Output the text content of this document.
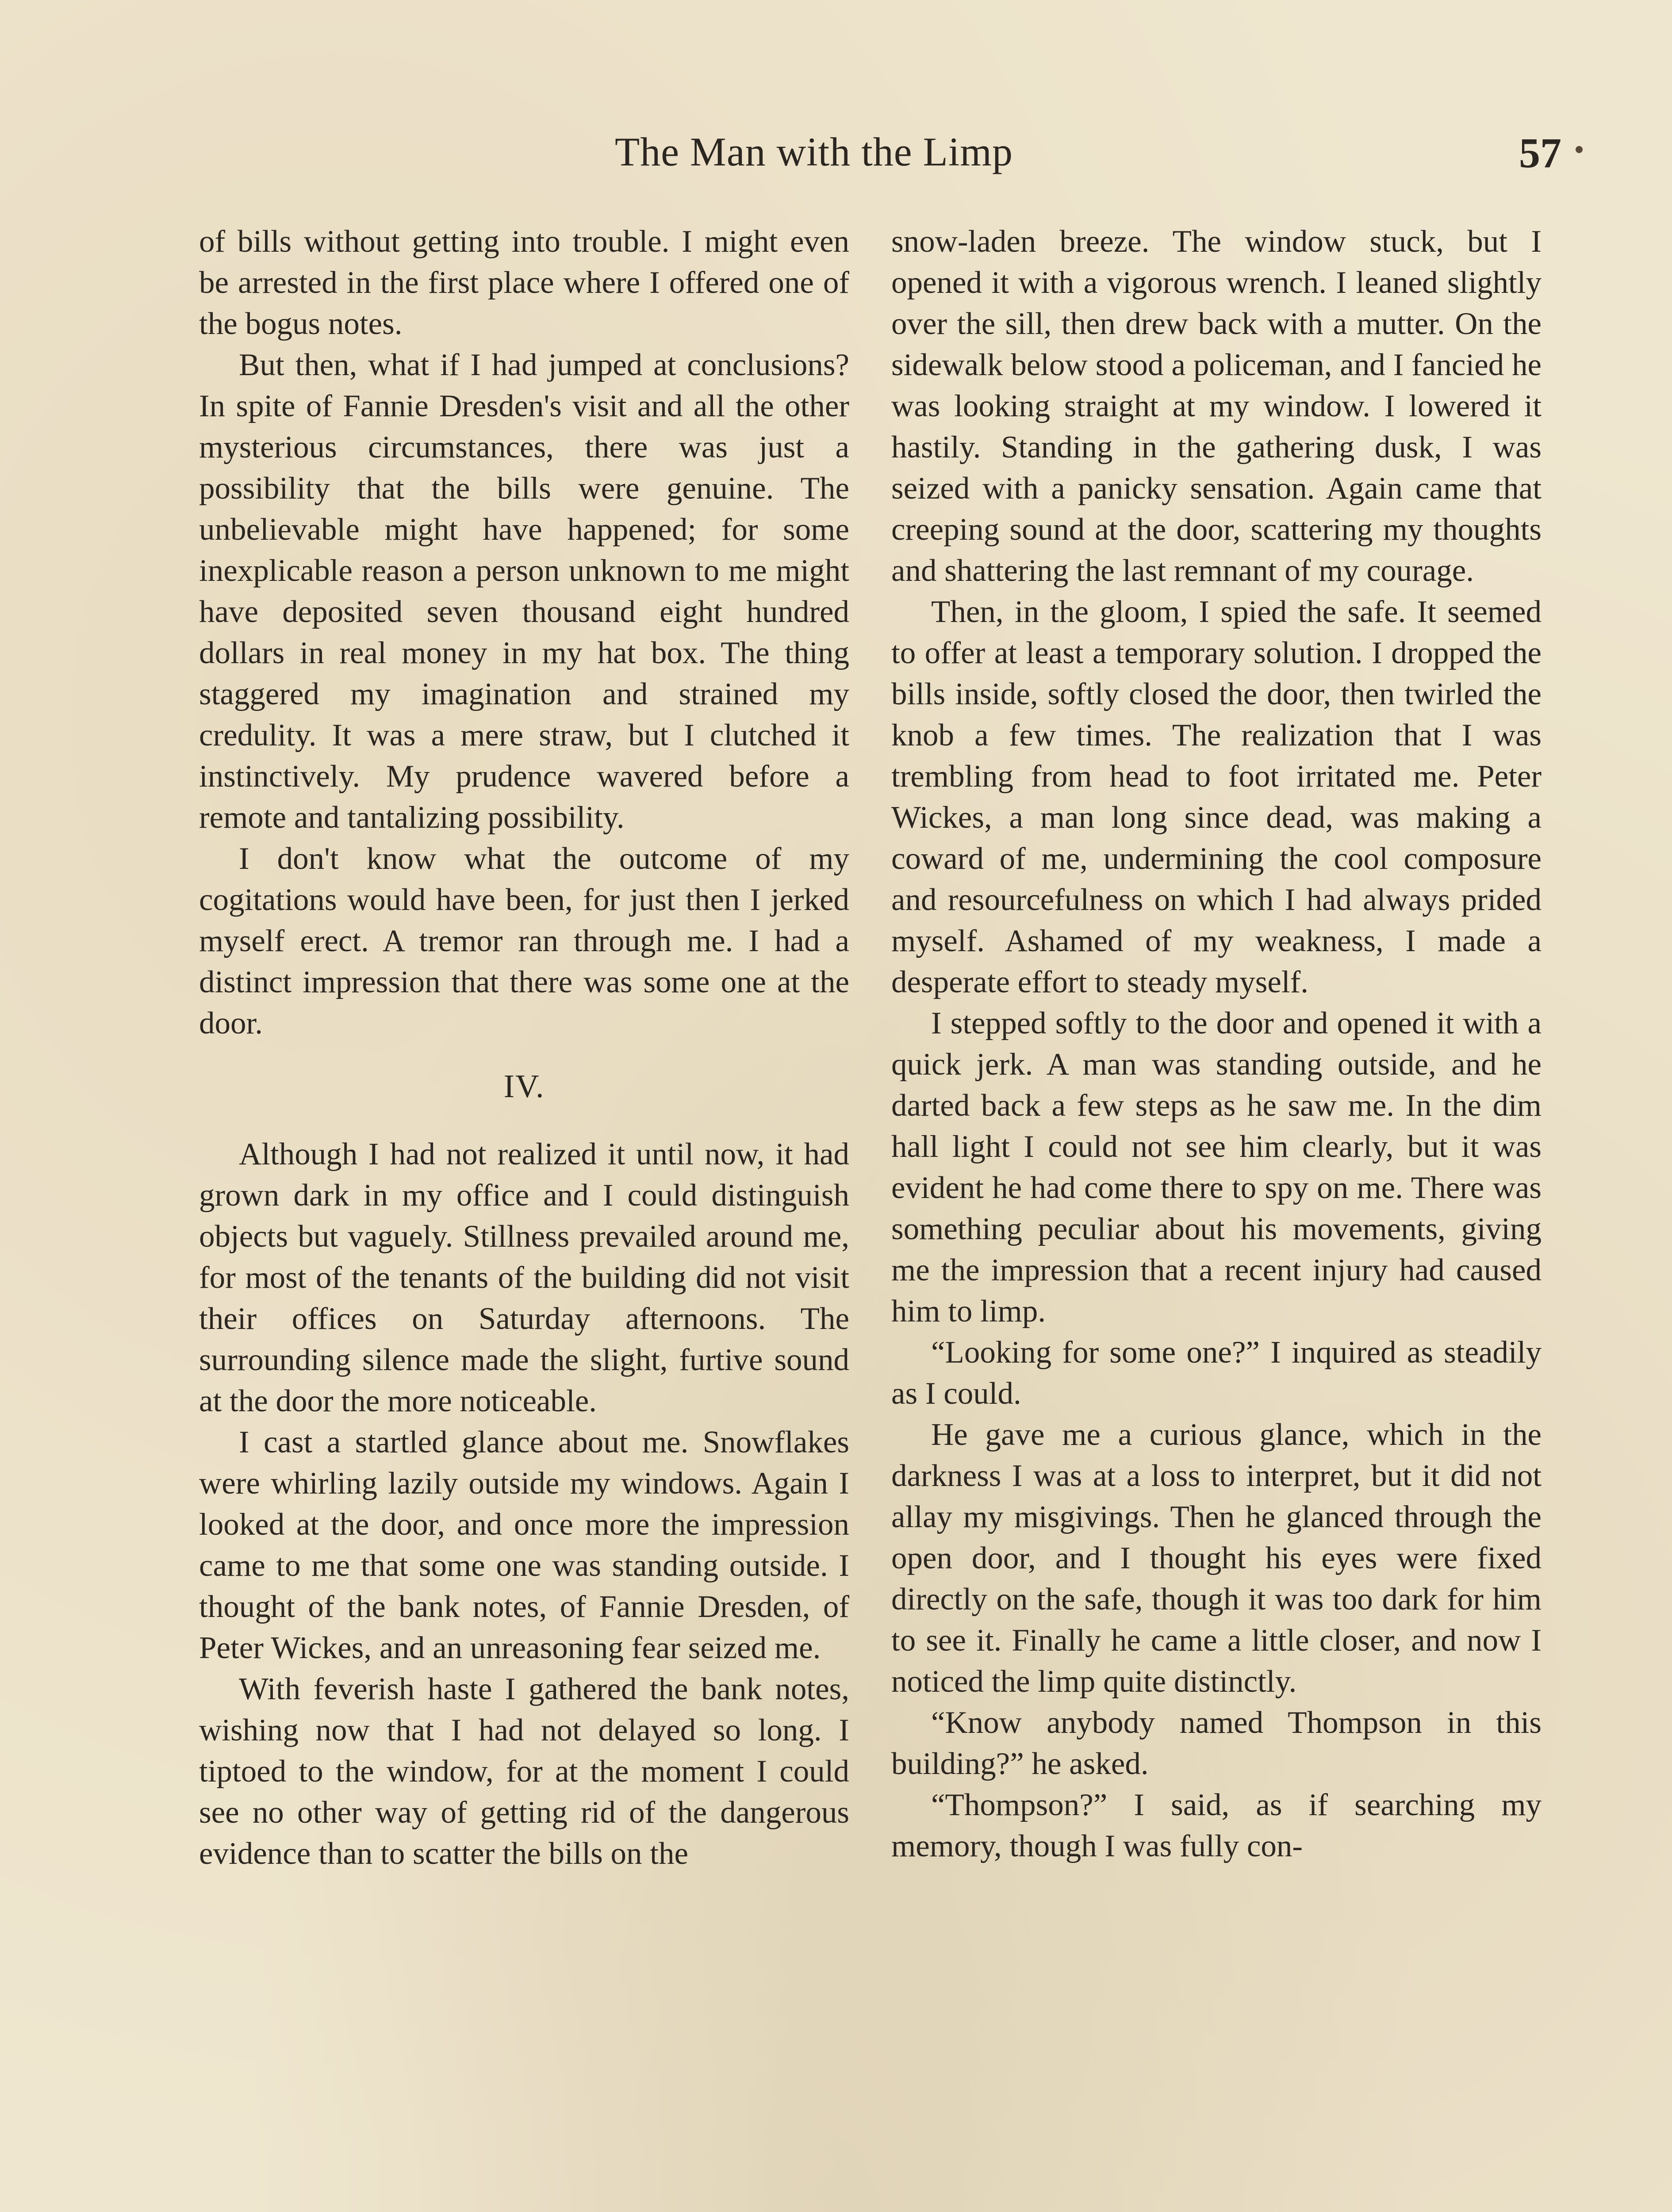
The Man with the Limp	57

of bills without getting into trouble. I might even be arrested in the first place where I offered one of the bogus notes.

But then, what if I had jumped at conclusions? In spite of Fannie Dresden's visit and all the other mysterious circumstances, there was just a possibility that the bills were genuine. The unbelievable might have happened; for some inexplicable reason a person unknown to me might have deposited seven thousand eight hundred dollars in real money in my hat box. The thing staggered my imagination and strained my credulity. It was a mere straw, but I clutched it instinctively. My prudence wavered before a remote and tantalizing possibility.

I don't know what the outcome of my cogitations would have been, for just then I jerked myself erect. A tremor ran through me. I had a distinct impression that there was some one at the door.

IV.

Although I had not realized it until now, it had grown dark in my office and I could distinguish objects but vaguely. Stillness prevailed around me, for most of the tenants of the building did not visit their offices on Saturday afternoons. The surrounding silence made the slight, furtive sound at the door the more noticeable.

I cast a startled glance about me. Snowflakes were whirling lazily outside my windows. Again I looked at the door, and once more the impression came to me that some one was standing outside. I thought of the bank notes, of Fannie Dresden, of Peter Wickes, and an unreasoning fear seized me.

With feverish haste I gathered the bank notes, wishing now that I had not delayed so long. I tiptoed to the window, for at the moment I could see no other way of getting rid of the dangerous evidence than to scatter the bills on the

snow-laden breeze. The window stuck, but I opened it with a vigorous wrench. I leaned slightly over the sill, then drew back with a mutter. On the sidewalk below stood a policeman, and I fancied he was looking straight at my window. I lowered it hastily. Standing in the gathering dusk, I was seized with a panicky sensation. Again came that creeping sound at the door, scattering my thoughts and shattering the last remnant of my courage.

Then, in the gloom, I spied the safe. It seemed to offer at least a temporary solution. I dropped the bills inside, softly closed the door, then twirled the knob a few times. The realization that I was trembling from head to foot irritated me. Peter Wickes, a man long since dead, was making a coward of me, undermining the cool composure and resourcefulness on which I had always prided myself. Ashamed of my weakness, I made a desperate effort to steady myself.

I stepped softly to the door and opened it with a quick jerk. A man was standing outside, and he darted back a few steps as he saw me. In the dim hall light I could not see him clearly, but it was evident he had come there to spy on me. There was something peculiar about his movements, giving me the impression that a recent injury had caused him to limp.

“Looking for some one?” I inquired as steadily as I could.

He gave me a curious glance, which in the darkness I was at a loss to interpret, but it did not allay my misgivings. Then he glanced through the open door, and I thought his eyes were fixed directly on the safe, though it was too dark for him to see it. Finally he came a little closer, and now I noticed the limp quite distinctly.

“Know anybody named Thompson in this building?” he asked.

“Thompson?” I said, as if searching my memory, though I was fully con-
